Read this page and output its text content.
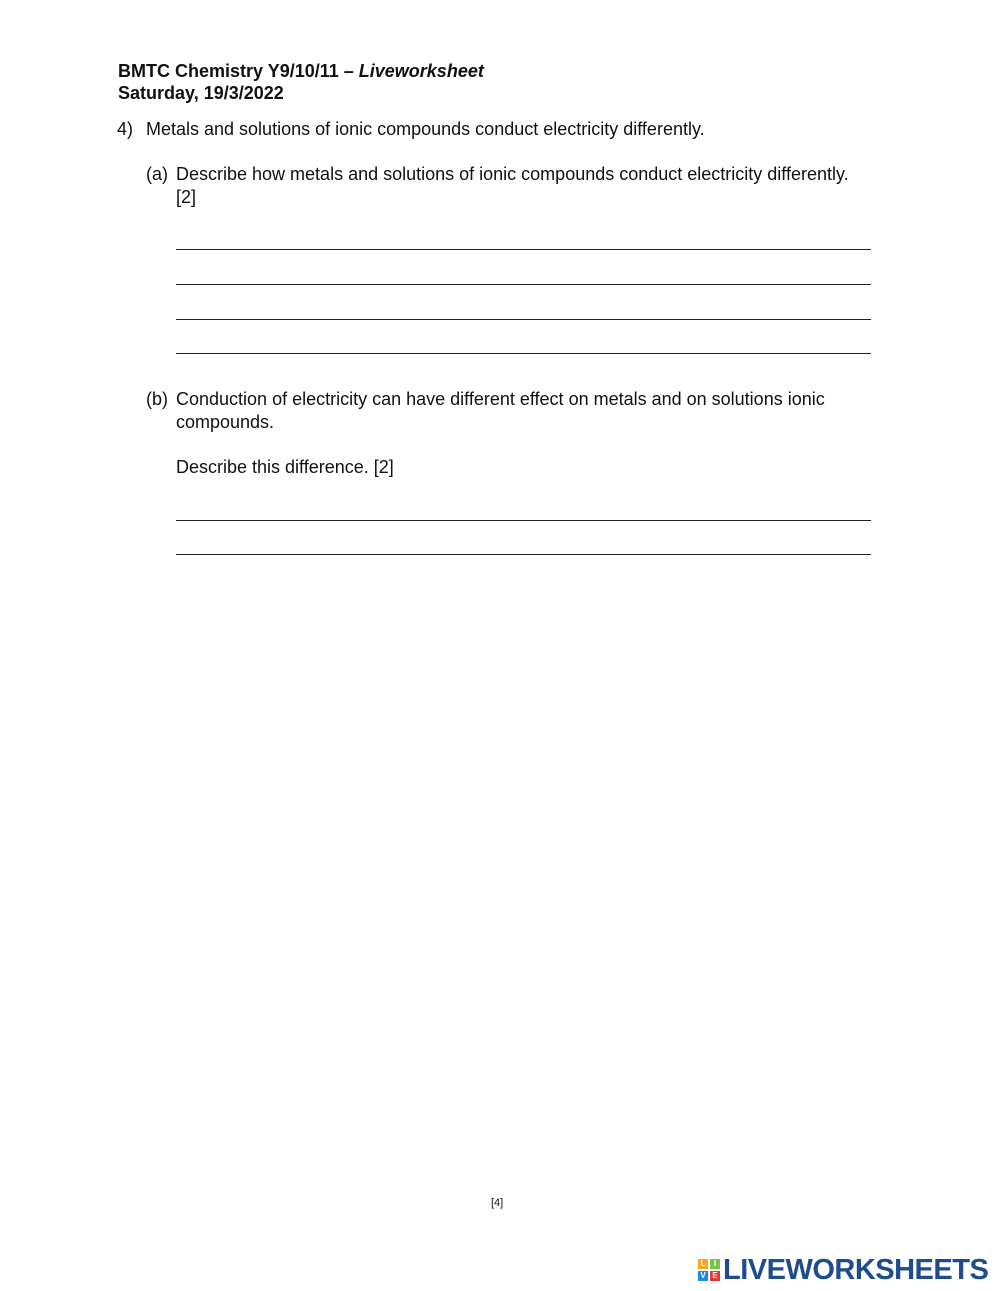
BMTC Chemistry Y9/10/11 – Liveworksheet
Saturday, 19/3/2022
4) Metals and solutions of ionic compounds conduct electricity differently.
(a) Describe how metals and solutions of ionic compounds conduct electricity differently. [2]
(b) Conduction of electricity can have different effect on metals and on solutions ionic compounds.
Describe this difference. [2]
[4]
L	I
V E LIVEWORKSHEETS
